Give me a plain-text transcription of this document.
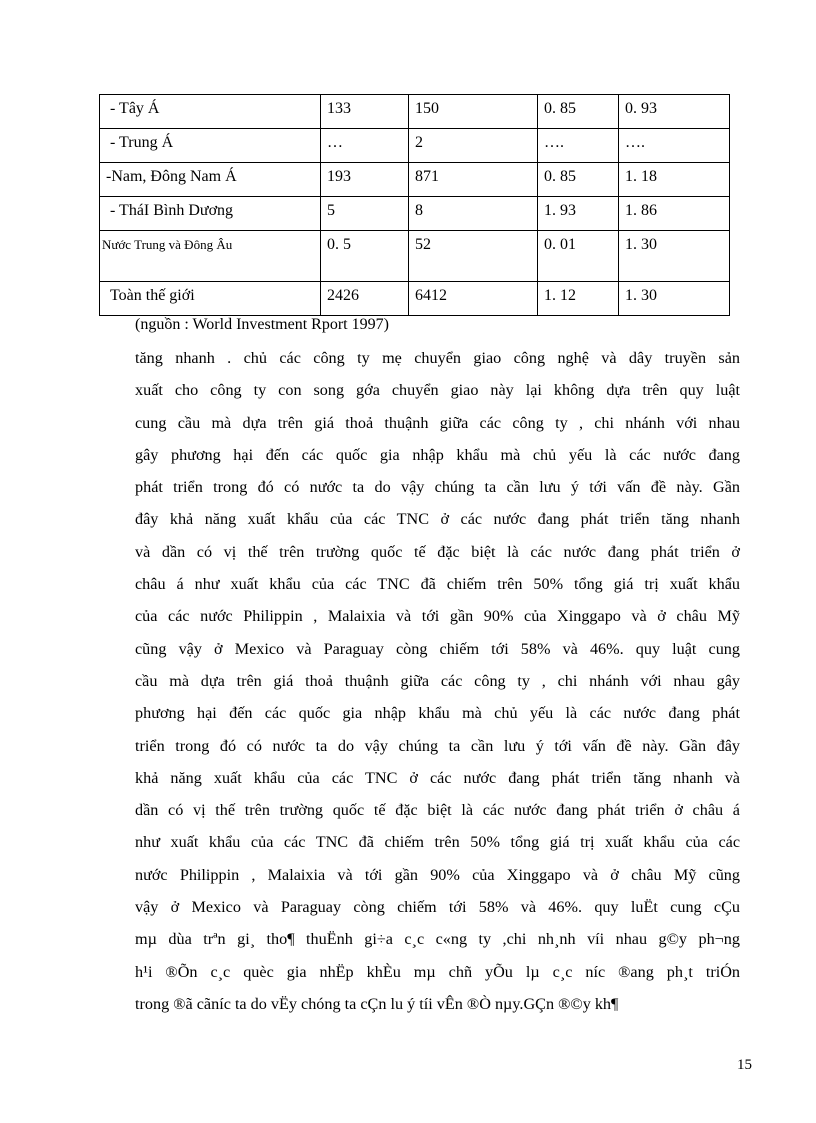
- Tây Á	133	150	0. 85	0. 93
- Trung Á	…	2	….	….
-Nam, Đông Nam Á	193	871	0. 85	1. 18
- TháI Bình Dương	5	8	1. 93	1. 86
Nước Trung và Đông Âu	0. 5	52	0. 01	1. 30
Toàn thế giới	2426	6412	1. 12	1. 30
(nguồn : World Investment Rport 1997)

tăng nhanh . chủ các công ty mẹ chuyển giao công nghệ và dây truyền sản
xuất cho công ty con song gớa chuyển giao này lại không dựa trên quy luật
cung cầu mà dựa trên giá thoả thuậnh giữa các công ty , chi nhánh với nhau
gây phương hại đến các quốc gia nhập khẩu mà chủ yếu là các nước đang
phát triển trong đó có nước ta do vậy chúng ta cần lưu ý tới vấn đề này. Gần
đây khả năng xuất khẩu của các TNC ở các nước đang phát triển tăng nhanh
và dần có vị thế trên trường quốc tế đặc biệt là các nước đang phát triển ở
châu á như xuất khẩu của các TNC đã chiếm trên 50% tổng giá trị xuất khẩu
của các nước Philippin , Malaixia và tới gần 90% của Xinggapo và ở châu Mỹ
cũng vậy ở Mexico và Paraguay còng chiếm tới 58% và 46%. quy luật cung
cầu mà dựa trên giá thoả thuậnh giữa các công ty , chi nhánh với nhau gây
phương hại đến các quốc gia nhập khẩu mà chủ yếu là các nước đang phát
triển trong đó có nước ta do vậy chúng ta cần lưu ý tới vấn đề này. Gần đây
khả năng xuất khẩu của các TNC ở các nước đang phát triển tăng nhanh và
dần có vị thế trên trường quốc tế đặc biệt là các nước đang phát triển ở châu á
như xuất khẩu của các TNC đã chiếm trên 50% tổng giá trị xuất khẩu của các
nước Philippin , Malaixia và tới gần 90% của Xinggapo và ở châu Mỹ cũng
vậy ở Mexico và Paraguay còng chiếm tới 58% và 46%. quy luËt cung cÇu
mµ dùa trªn gi¸ tho¶ thuËnh gi÷a c¸c c«ng ty ,chi nh¸nh víi nhau g©y ph¬ng
h¹i ®Õn c¸c quèc gia nhËp khÈu mµ chñ yÕu lµ c¸c níc ®ang ph¸t triÓn
trong ®ã cãníc ta do vËy chóng ta cÇn lu ý tíi vÊn ®Ò nµy.GÇn ®©y kh¶

15
